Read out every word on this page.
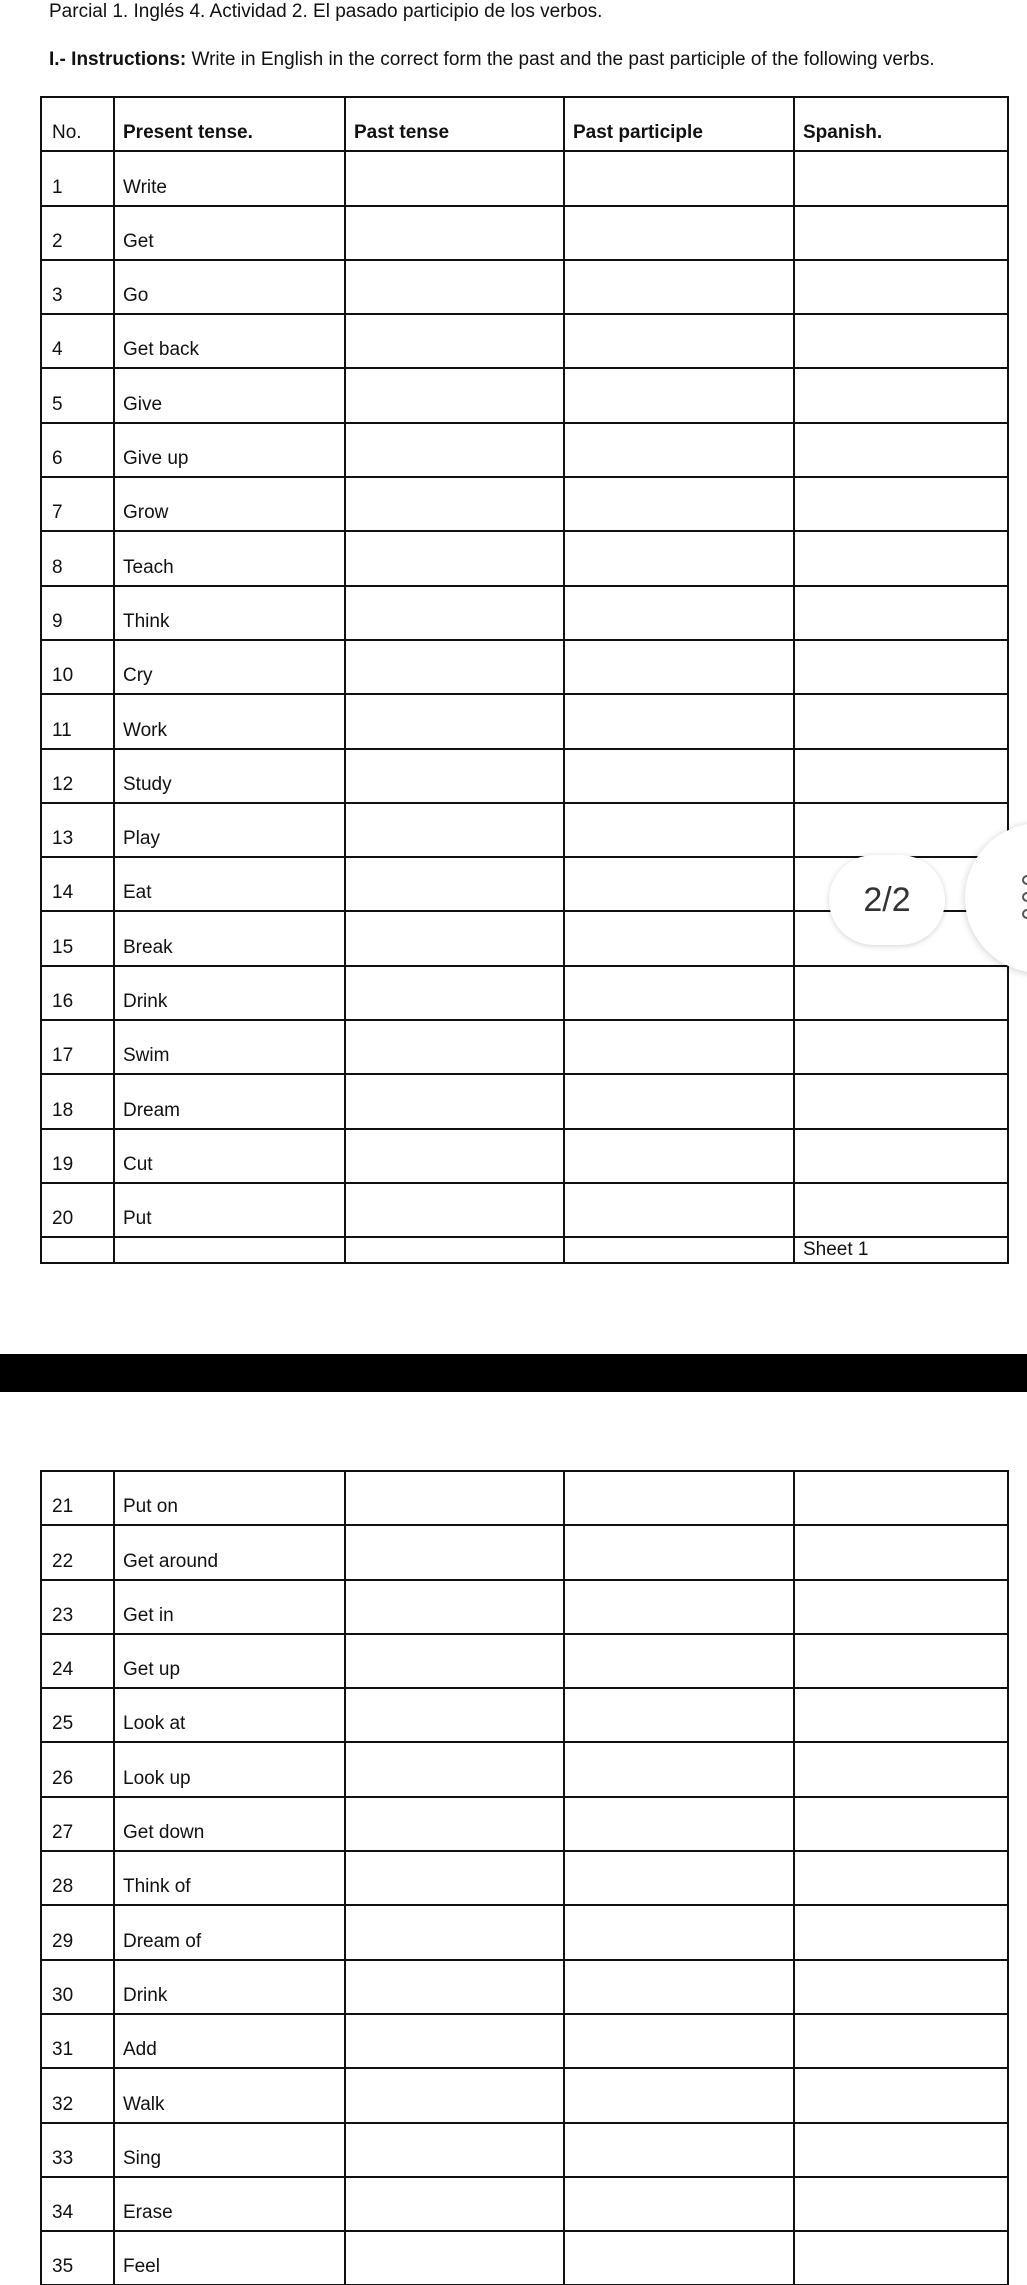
Parcial 1. Inglés 4. Actividad 2. El pasado participio de los verbos.
I.- Instructions: Write in English in the correct form the past and the past participle of the following verbs.
No.	Present tense.	Past tense	Past participle	Spanish.
1	Write			
2	Get			
3	Go			
4	Get back			
5	Give			
6	Give up			
7	Grow			
8	Teach			
9	Think			
10	Cry			
11	Work			
12	Study			
13	Play			
14	Eat			
15	Break			
16	Drink			
17	Swim			
18	Dream			
19	Cut			
20	Put			
				Sheet 1
21	Put on			
22	Get around			
23	Get in			
24	Get up			
25	Look at			
26	Look up			
27	Get down			
28	Think of			
29	Dream of			
30	Drink			
31	Add			
32	Walk			
33	Sing			
34	Erase			
35	Feel			
2/2
